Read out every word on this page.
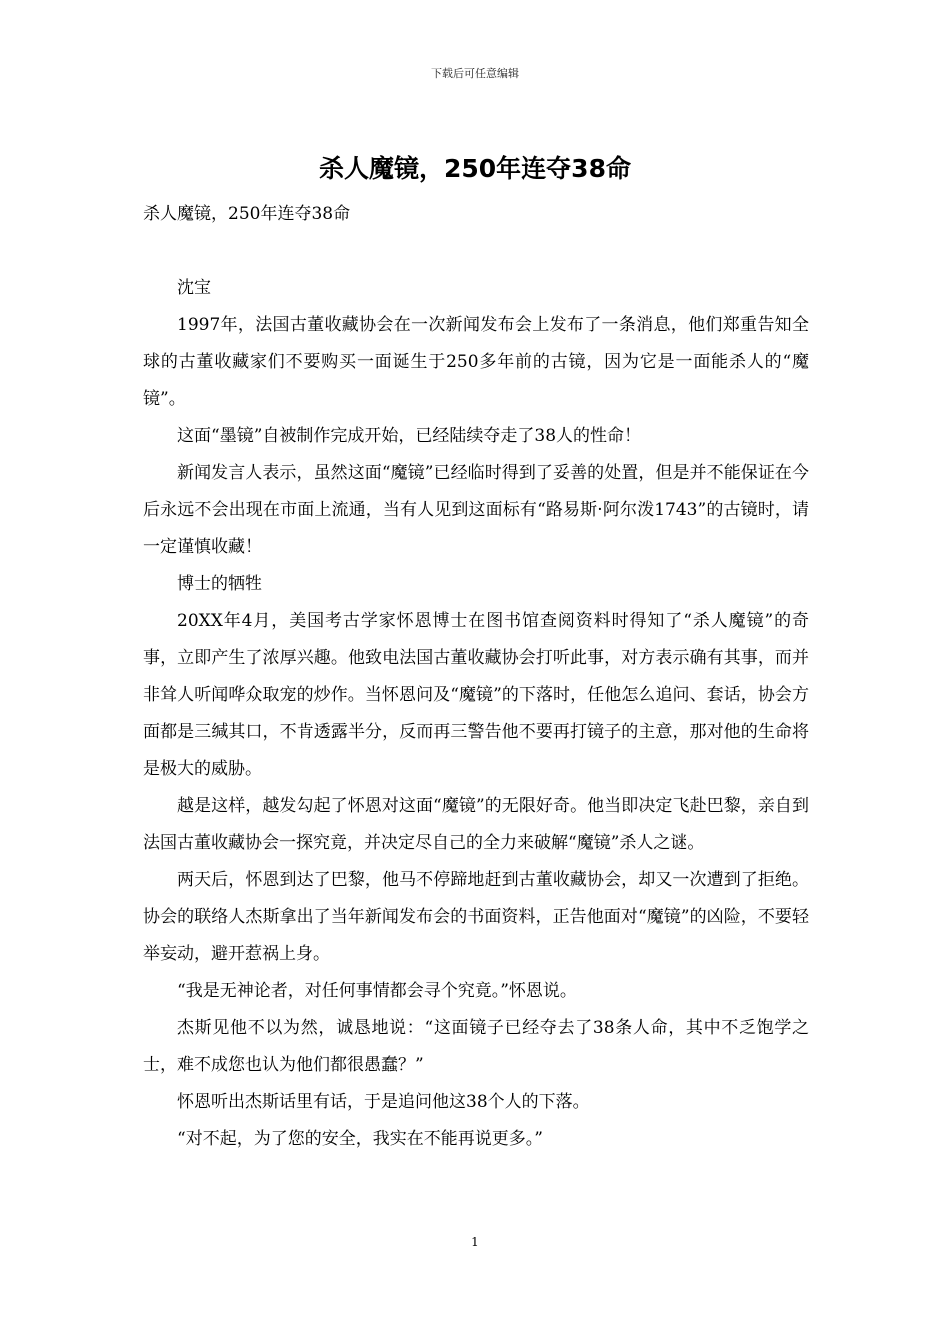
下载后可任意编辑
杀人魔镜，250年连夺38命

杀人魔镜，250年连夺38命

沈宝

1997年，法国古董收藏协会在一次新闻发布会上发布了一条消息，他们郑重告知全球的古董收藏家们不要购买一面诞生于250多年前的古镜，因为它是一面能杀人的“魔镜”。

这面“墨镜”自被制作完成开始，已经陆续夺走了38人的性命！

新闻发言人表示，虽然这面“魔镜”已经临时得到了妥善的处置，但是并不能保证在今后永远不会出现在市面上流通，当有人见到这面标有“路易斯·阿尔泼1743”的古镜时，请一定谨慎收藏！

博士的牺牲

20XX年4月，美国考古学家怀恩博士在图书馆查阅资料时得知了“杀人魔镜”的奇事，立即产生了浓厚兴趣。他致电法国古董收藏协会打听此事，对方表示确有其事，而并非耸人听闻哗众取宠的炒作。当怀恩问及“魔镜”的下落时，任他怎么追问、套话，协会方面都是三缄其口，不肯透露半分，反而再三警告他不要再打镜子的主意，那对他的生命将是极大的威胁。

越是这样，越发勾起了怀恩对这面“魔镜”的无限好奇。他当即决定飞赴巴黎，亲自到法国古董收藏协会一探究竟，并决定尽自己的全力来破解“魔镜”杀人之谜。

两天后，怀恩到达了巴黎，他马不停蹄地赶到古董收藏协会，却又一次遭到了拒绝。协会的联络人杰斯拿出了当年新闻发布会的书面资料，正告他面对“魔镜”的凶险，不要轻举妄动，避开惹祸上身。

“我是无神论者，对任何事情都会寻个究竟。”怀恩说。

杰斯见他不以为然，诚恳地说：“这面镜子已经夺去了38条人命，其中不乏饱学之士，难不成您也认为他们都很愚蠢？”

怀恩听出杰斯话里有话，于是追问他这38个人的下落。

“对不起，为了您的安全，我实在不能再说更多。”

1
